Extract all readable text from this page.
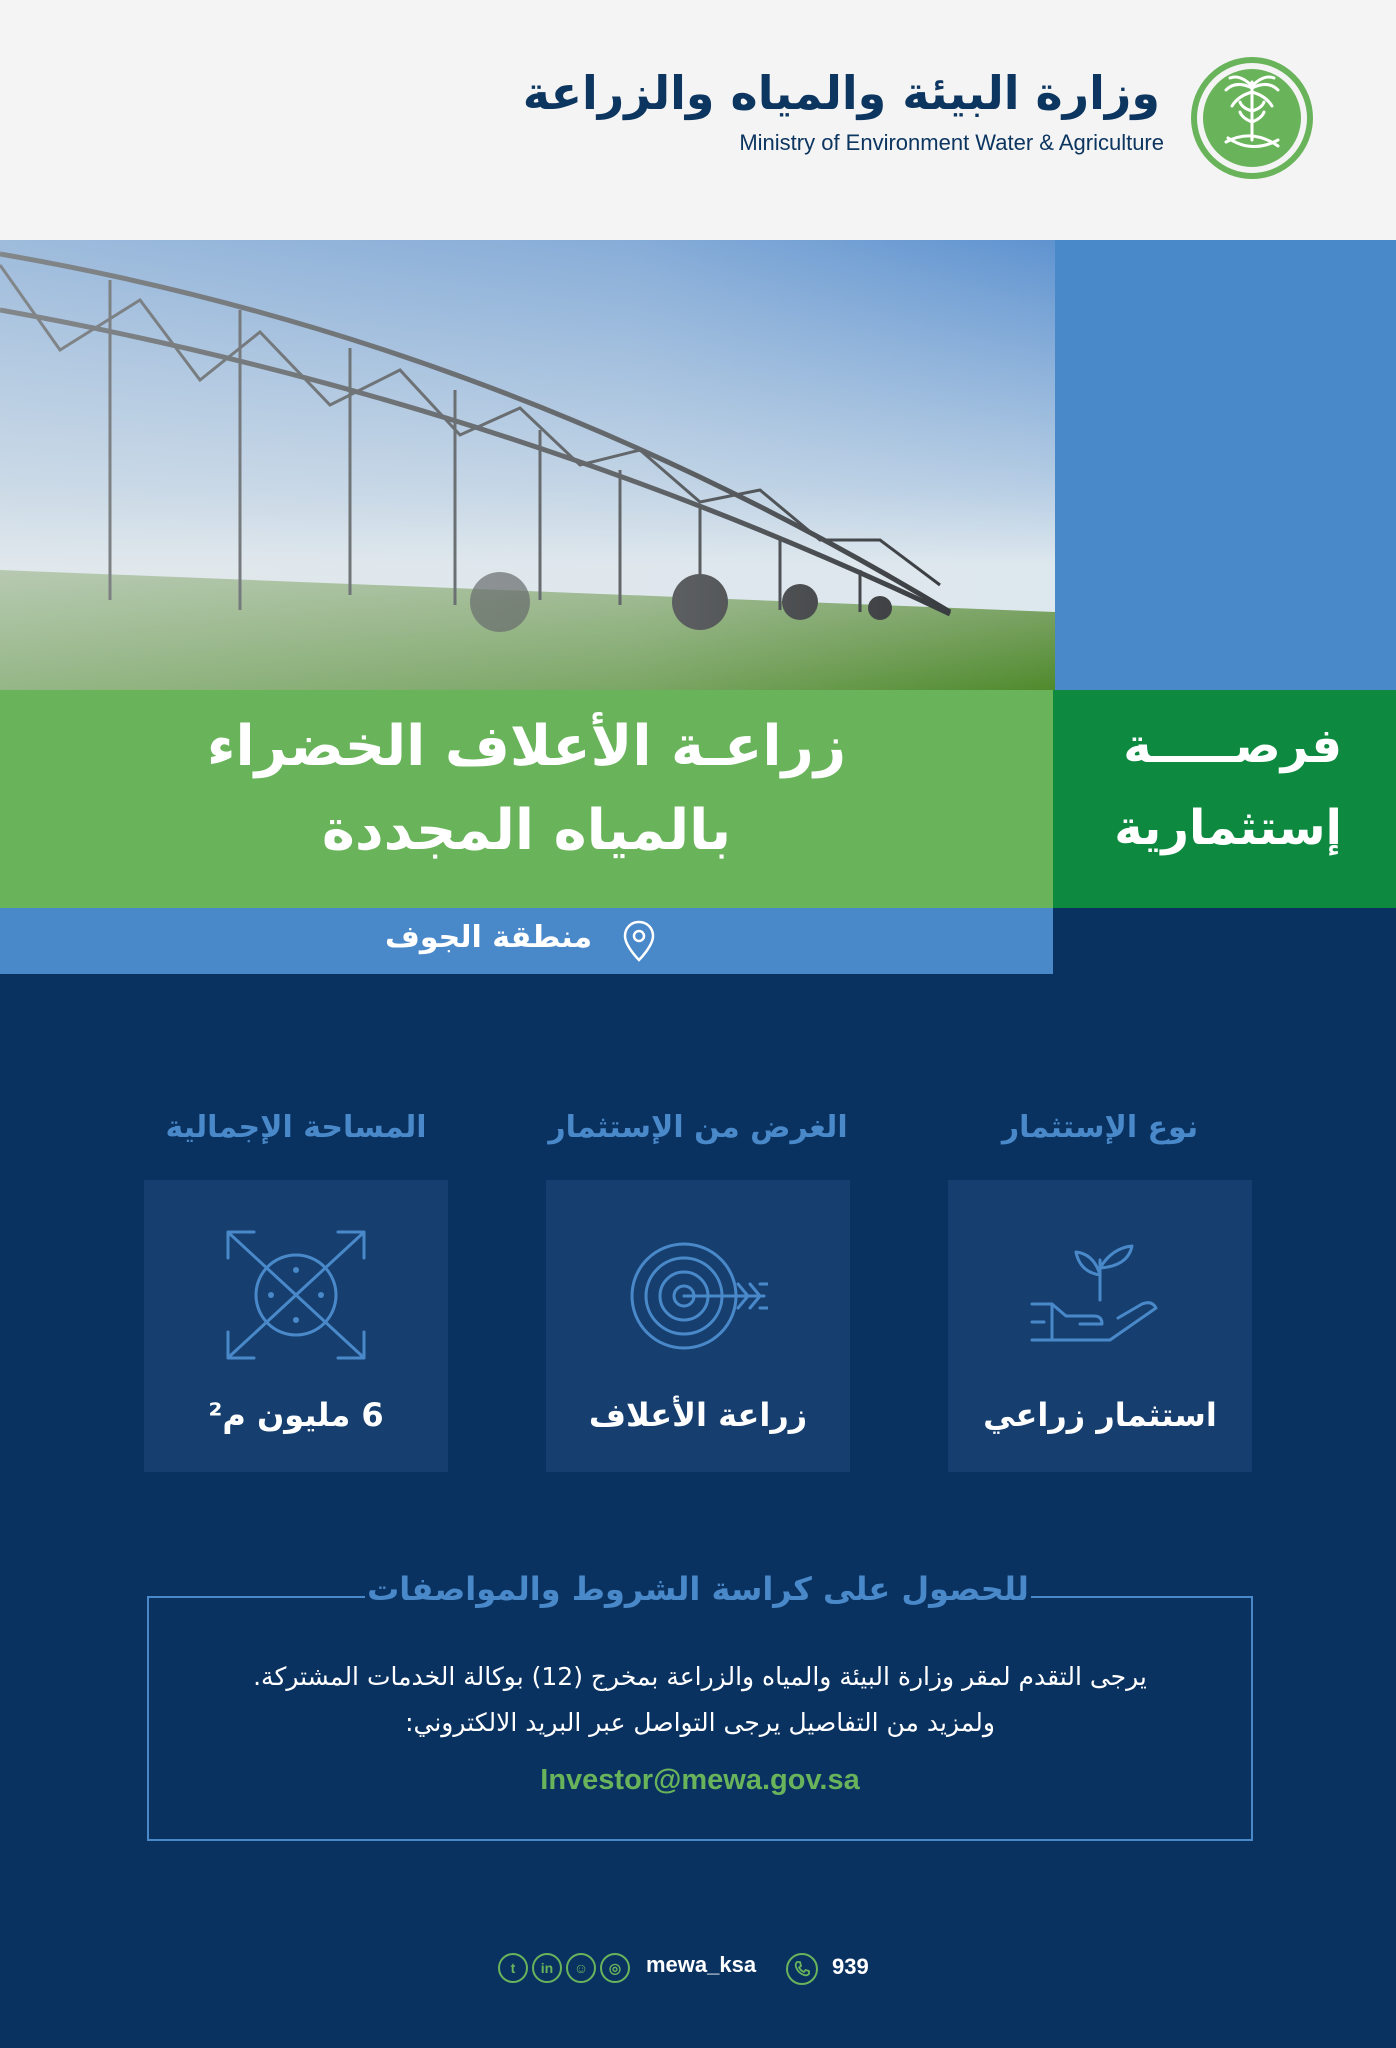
وزارة البيئة والمياه والزراعة
Ministry of Environment Water & Agriculture
زراعـة الأعلاف الخضراء
بالمياه المجددة
فرصـــــة
إستثمارية
منطقة الجوف
نوع الإستثمار
استثمار زراعي
الغرض من الإستثمار
زراعة الأعلاف
المساحة الإجمالية
6 مليون م²
للحصول على كراسة الشروط والمواصفات
يرجى التقدم لمقر وزارة البيئة والمياه والزراعة بمخرج (12) بوكالة الخدمات المشتركة.
ولمزيد من التفاصيل يرجى التواصل عبر البريد الالكتروني:
Investor@mewa.gov.sa
t	in	☺	◎	mewa_ksa	939
